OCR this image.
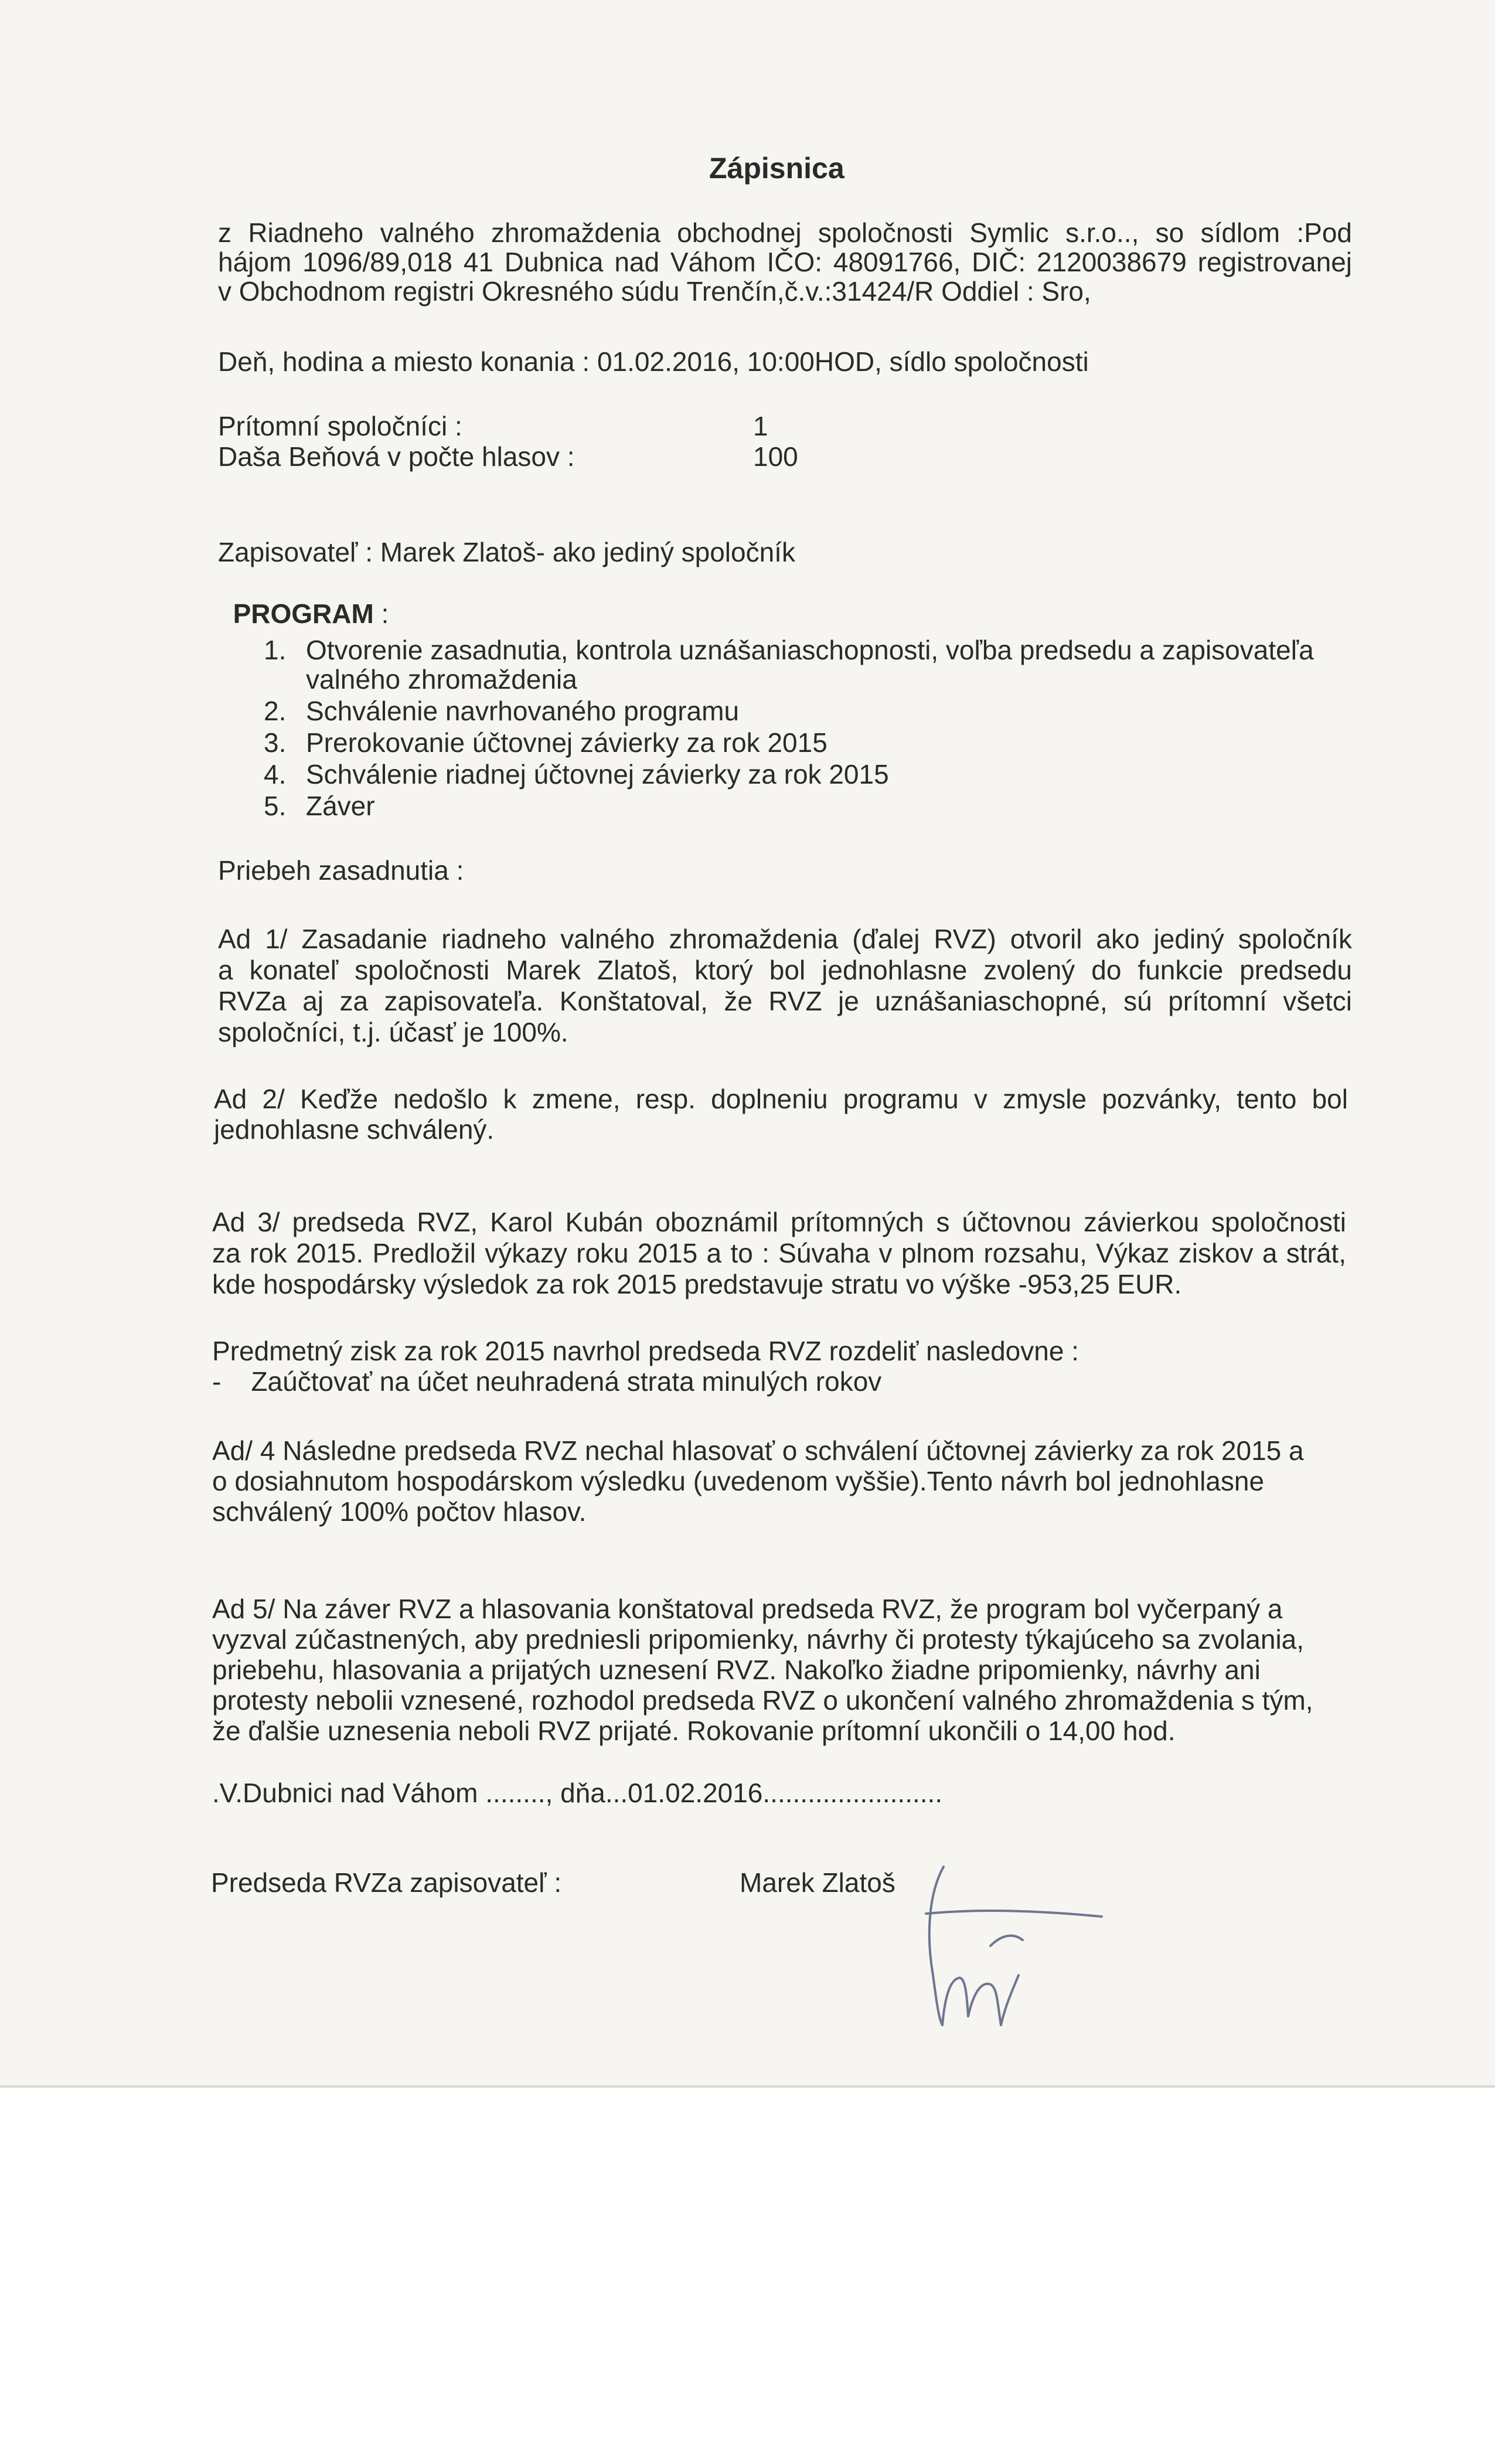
Zápisnica
z Riadneho valného zhromaždenia obchodnej spoločnosti Symlic s.r.o.., so sídlom :Pod
hájom 1096/89,018 41 Dubnica nad Váhom IČO: 48091766, DIČ: 2120038679 registrovanej
v Obchodnom registri Okresného súdu Trenčín,č.v.:31424/R Oddiel : Sro,
Deň, hodina a miesto konania : 01.02.2016, 10:00HOD, sídlo spoločnosti
Prítomní spoločníci :	1
Daša Beňová v počte hlasov :	100
Zapisovateľ : Marek Zlatoš- ako jediný spoločník

PROGRAM :

1. Otvorenie zasadnutia, kontrola uznášaniaschopnosti, voľba predsedu a zapisovateľa
valného zhromaždenia
2. Schválenie navrhovaného programu
3. Prerokovanie účtovnej závierky za rok 2015
4. Schválenie riadnej účtovnej závierky za rok 2015
5. Záver
Priebeh zasadnutia :
Ad 1/ Zasadanie riadneho valného zhromaždenia (ďalej RVZ) otvoril ako jediný spoločník
a konateľ spoločnosti Marek Zlatoš, ktorý bol jednohlasne zvolený do funkcie predsedu
RVZa aj za zapisovateľa. Konštatoval, že RVZ je uznášaniaschopné, sú prítomní všetci
spoločníci, t.j. účasť je 100%.
Ad 2/ Keďže nedošlo k zmene, resp. doplneniu programu v zmysle pozvánky, tento bol
jednohlasne schválený.
Ad 3/ predseda RVZ, Karol Kubán oboznámil prítomných s účtovnou závierkou spoločnosti
za rok 2015. Predložil výkazy roku 2015 a to : Súvaha v plnom rozsahu, Výkaz ziskov a strát,
kde hospodársky výsledok za rok 2015 predstavuje stratu vo výške -953,25 EUR.
Predmetný zisk za rok 2015 navrhol predseda RVZ rozdeliť nasledovne :
-    Zaúčtovať na účet neuhradená strata minulých rokov
Ad/ 4 Následne predseda RVZ nechal hlasovať o schválení účtovnej závierky za rok 2015 a
o dosiahnutom hospodárskom výsledku (uvedenom vyššie).Tento návrh bol jednohlasne
schválený 100% počtov hlasov.
Ad 5/ Na záver RVZ a hlasovania konštatoval predseda RVZ, že program bol vyčerpaný a
vyzval zúčastnených, aby predniesli pripomienky, návrhy či protesty týkajúceho sa zvolania,
priebehu, hlasovania a prijatých uznesení RVZ. Nakoľko žiadne pripomienky, návrhy ani
protesty nebolii vznesené, rozhodol predseda RVZ o ukončení valného zhromaždenia s tým,
že ďalšie uznesenia neboli RVZ prijaté. Rokovanie prítomní ukončili o 14,00 hod.
.V.Dubnici nad Váhom ........, dňa...01.02.2016........................
Predseda RVZa zapisovateľ :	Marek Zlatoš
